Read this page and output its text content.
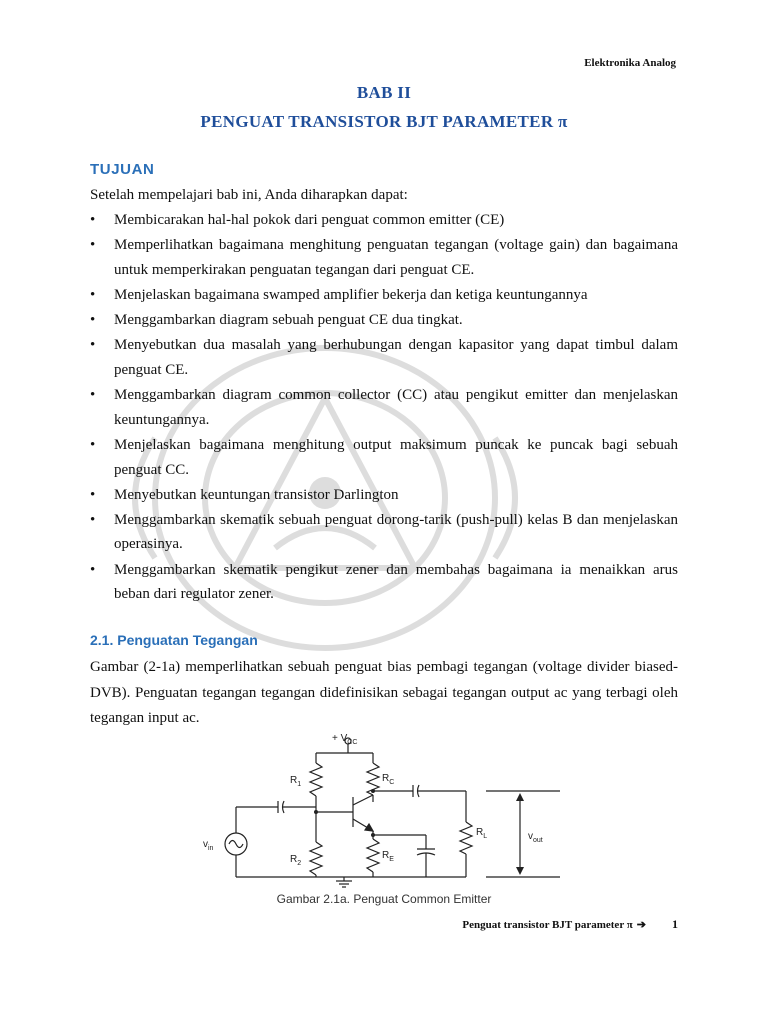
Elektronika Analog
BAB II
PENGUAT TRANSISTOR BJT PARAMETER π
TUJUAN
Setelah mempelajari bab ini, Anda diharapkan dapat:
• Membicarakan hal-hal pokok dari penguat common emitter (CE)
• Memperlihatkan bagaimana menghitung penguatan tegangan (voltage gain) dan bagaimana untuk memperkirakan penguatan tegangan dari penguat CE.
• Menjelaskan bagaimana swamped amplifier bekerja dan ketiga keuntungannya
• Menggambarkan diagram sebuah penguat CE dua tingkat.
• Menyebutkan dua masalah yang berhubungan dengan kapasitor yang dapat timbul dalam penguat CE.
• Menggambarkan diagram common collector (CC) atau pengikut emitter dan menjelaskan keuntungannya.
• Menjelaskan bagaimana menghitung output maksimum puncak ke puncak bagi sebuah penguat CC.
• Menyebutkan keuntungan transistor Darlington
• Menggambarkan skematik sebuah penguat dorong-tarik (push-pull) kelas B dan menjelaskan operasinya.
• Menggambarkan skematik pengikut zener dan membahas bagaimana ia menaikkan arus beban dari regulator zener.
2.1. Penguatan Tegangan
Gambar (2-1a) memperlihatkan sebuah penguat bias pembagi tegangan (voltage divider biased-DVB). Penguatan tegangan tegangan didefinisikan sebagai tegangan output ac yang terbagi oleh tegangan input ac.
+ $V_{CC}$
$R_1$
$R_2$
$R_C$
$R_E$
$R_L$
$v_{in}$
$v_{out}$
Gambar 2.1a. Penguat Common Emitter
Penguat transistor BJT parameter π ➔ 1
